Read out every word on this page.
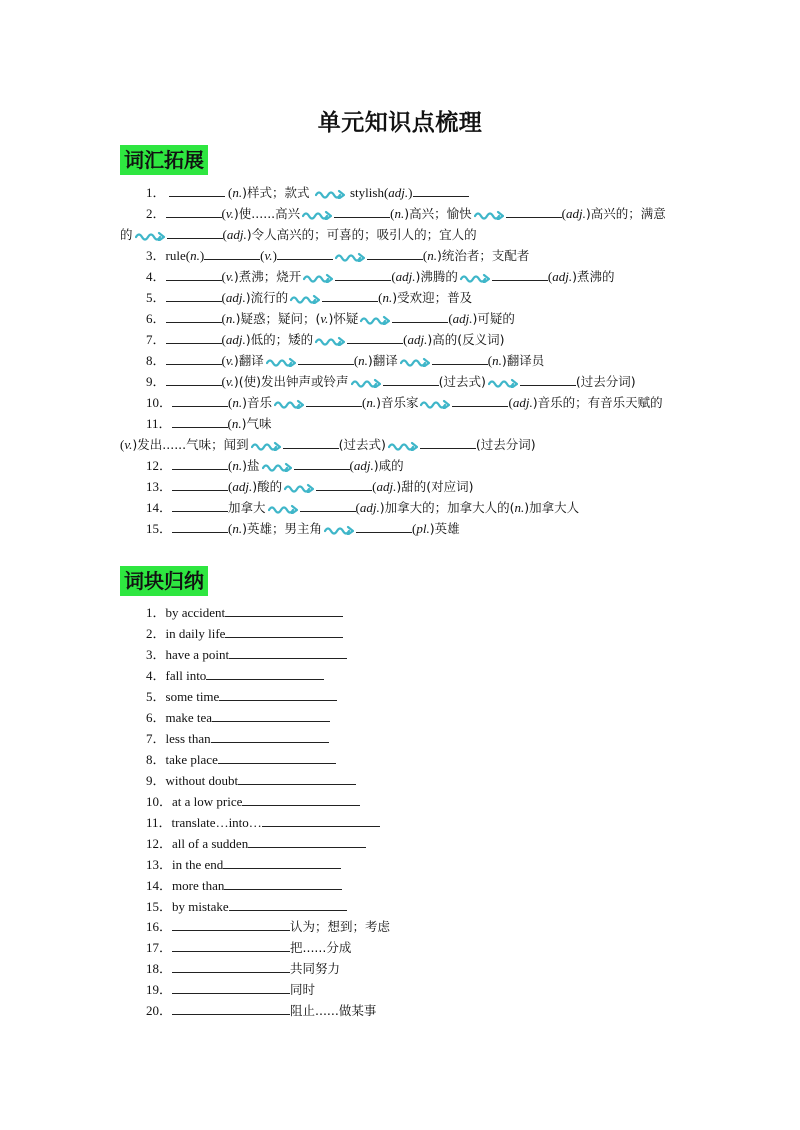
单元知识点梳理
词汇拓展
1．	(n.)样式；款式	stylish(adj.)
2．	(v.)使......高兴	(n.)高兴；愉快	(adj.)高兴的；满意
的	(adj.)令人高兴的；可喜的；吸引人的；宜人的
3．rule(n.)	(v.)	(n.)统治者；支配者
4．	(v.)煮沸；烧开	(adj.)沸腾的	(adj.)煮沸的
5．	(adj.)流行的	(n.)受欢迎；普及
6．	(n.)疑惑；疑问；(v.)怀疑	(adj.)可疑的
7．	(adj.)低的；矮的	(adj.)高的(反义词)
8．	(v.)翻译	(n.)翻译	(n.)翻译员
9．	(v.)(使)发出钟声或铃声	(过去式)	(过去分词)
10．	(n.)音乐	(n.)音乐家	(adj.)音乐的；有音乐天赋的
11．	(n.)气味
(v.)发出......气味；闻到	(过去式)	(过去分词)
12．	(n.)盐	(adj.)咸的
13．	(adj.)酸的	(adj.)甜的(对应词)
14．	加拿大	(adj.)加拿大的；加拿大人的(n.)加拿大人
15．	(n.)英雄；男主角	(pl.)英雄
词块归纳
1．by accident
2．in daily life
3．have a point
4．fall into
5．some time
6．make tea
7．less than
8．take place
9．without doubt
10．at a low price
11．translate…into…
12．all of a sudden
13．in the end
14．more than
15．by mistake
16．	认为；想到；考虑
17．	把......分成
18．	共同努力
19．	同时
20．	阻止......做某事
